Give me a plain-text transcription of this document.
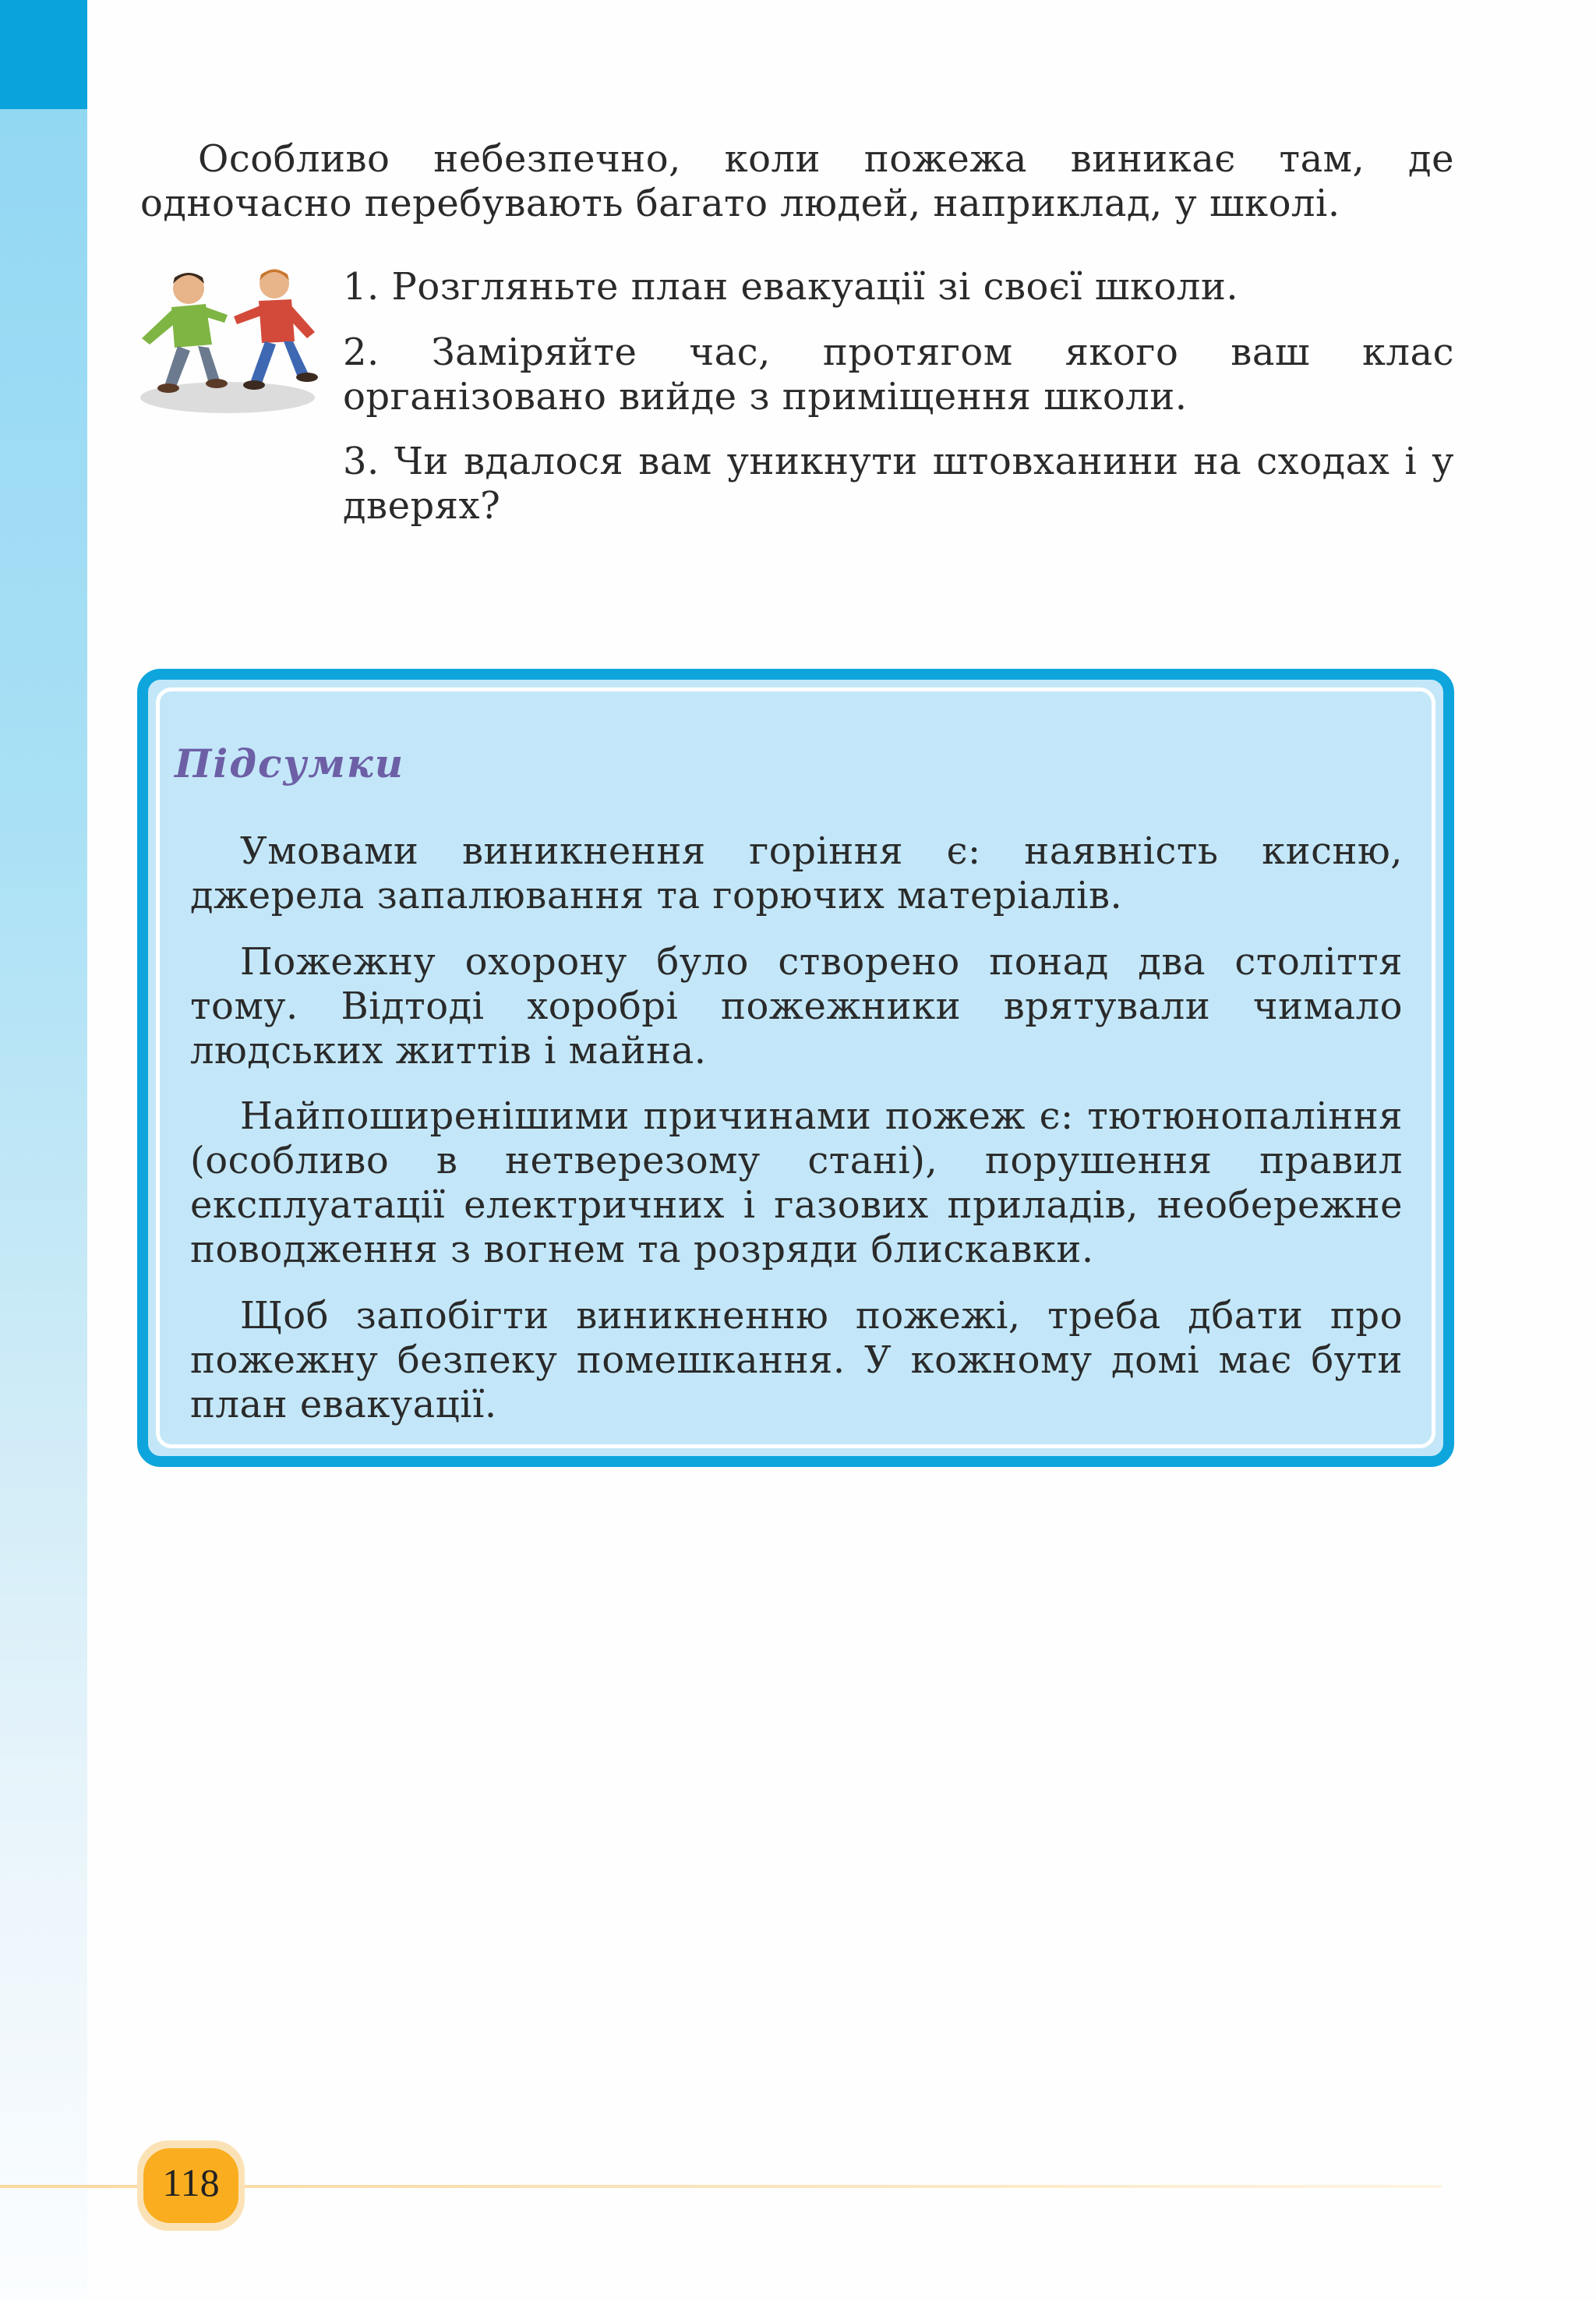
Особливо небезпечно, коли пожежа виникає там, де одночасно перебувають багато людей, наприклад, у школі.
1. Розгляньте план евакуації зі своєї школи.
2. Заміряйте час, протягом якого ваш клас організовано вийде з приміщення школи.
3. Чи вдалося вам уникнути штовханини на сходах і у дверях?
Підсумки
Умовами виникнення горіння є: наявність кисню, джерела запалювання та горючих матеріалів.
Пожежну охорону було створено понад два століття тому. Відтоді хоробрі пожежники врятували чимало людських життів і майна.
Найпоширенішими причинами пожеж є: тютюнопаління (особливо в нетверезому стані), порушення правил експлуатації електричних і газових приладів, необережне поводження з вогнем та розряди блискавки.
Щоб запобігти виникненню пожежі, треба дбати про пожежну безпеку помешкання. У кожному домі має бути план евакуації.
118
